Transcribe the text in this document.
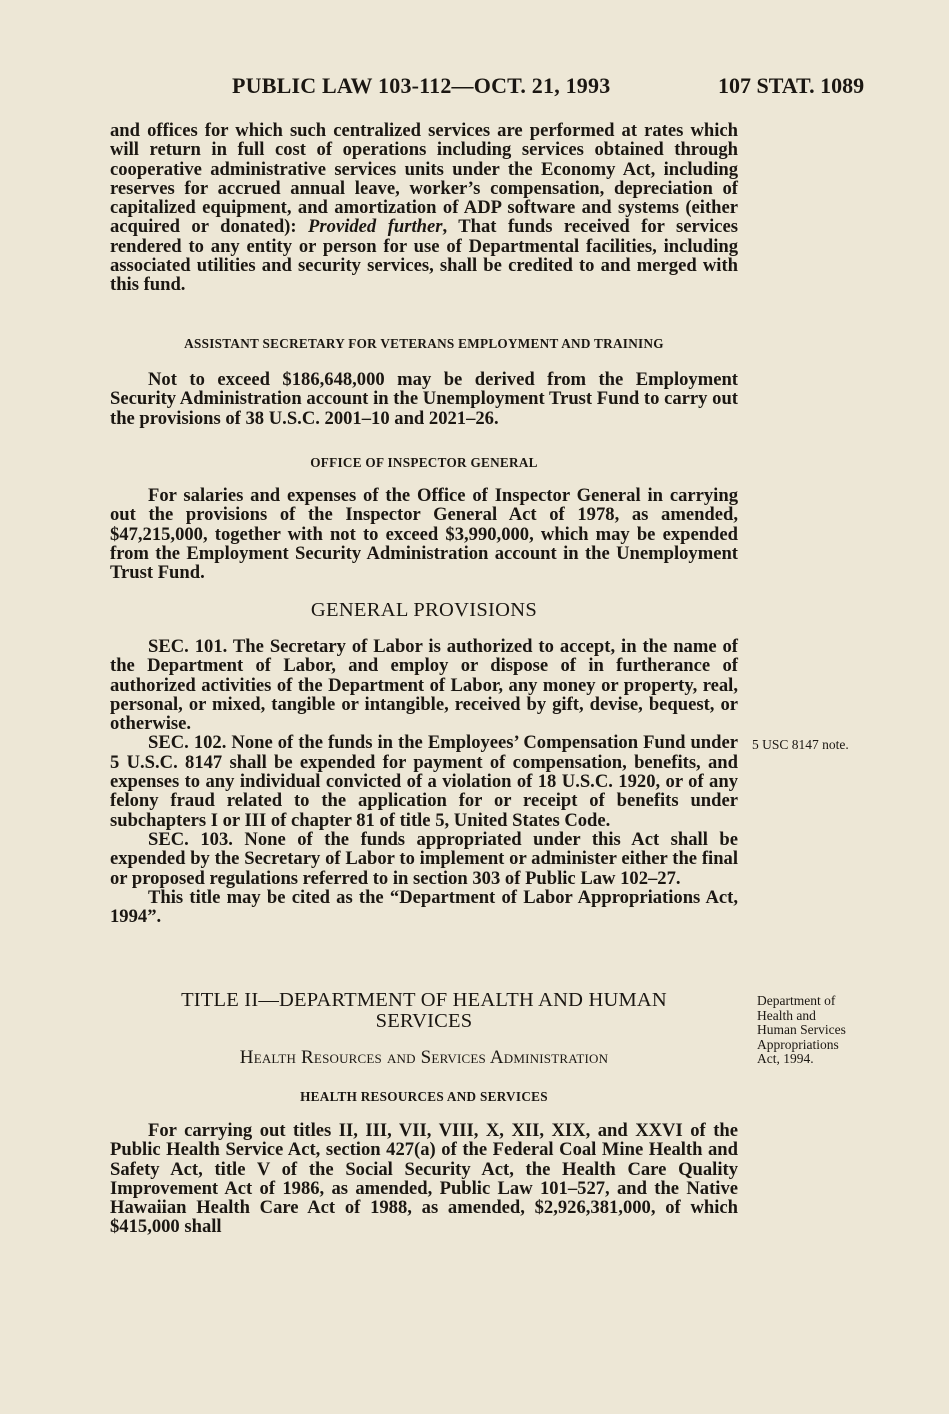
PUBLIC LAW 103-112—OCT. 21, 1993	107 STAT. 1089

and offices for which such centralized services are performed at rates which will return in full cost of operations including services obtained through cooperative administrative services units under the Economy Act, including reserves for accrued annual leave, worker’s compensation, depreciation of capitalized equipment, and amortization of ADP software and systems (either acquired or donated): Provided further, That funds received for services rendered to any entity or person for use of Departmental facilities, including associated utilities and security services, shall be credited to and merged with this fund.

ASSISTANT SECRETARY FOR VETERANS EMPLOYMENT AND TRAINING

Not to exceed $186,648,000 may be derived from the Employment Security Administration account in the Unemployment Trust Fund to carry out the provisions of 38 U.S.C. 2001–10 and 2021–26.

OFFICE OF INSPECTOR GENERAL

For salaries and expenses of the Office of Inspector General in carrying out the provisions of the Inspector General Act of 1978, as amended, $47,215,000, together with not to exceed $3,990,000, which may be expended from the Employment Security Administration account in the Unemployment Trust Fund.

GENERAL PROVISIONS

SEC. 101. The Secretary of Labor is authorized to accept, in the name of the Department of Labor, and employ or dispose of in furtherance of authorized activities of the Department of Labor, any money or property, real, personal, or mixed, tangible or intangible, received by gift, devise, bequest, or otherwise.

SEC. 102. None of the funds in the Employees’ Compensation Fund under 5 U.S.C. 8147 shall be expended for payment of compensation, benefits, and expenses to any individual convicted of a violation of 18 U.S.C. 1920, or of any felony fraud related to the application for or receipt of benefits under subchapters I or III of chapter 81 of title 5, United States Code.

SEC. 103. None of the funds appropriated under this Act shall be expended by the Secretary of Labor to implement or administer either the final or proposed regulations referred to in section 303 of Public Law 102–27.

This title may be cited as the “Department of Labor Appropriations Act, 1994”.

TITLE II—DEPARTMENT OF HEALTH AND HUMAN

SERVICES

Health Resources and Services Administration

HEALTH RESOURCES AND SERVICES

For carrying out titles II, III, VII, VIII, X, XII, XIX, and XXVI of the Public Health Service Act, section 427(a) of the Federal Coal Mine Health and Safety Act, title V of the Social Security Act, the Health Care Quality Improvement Act of 1986, as amended, Public Law 101–527, and the Native Hawaiian Health Care Act of 1988, as amended, $2,926,381,000, of which $415,000 shall

5 USC 8147 note.
Department of
Health and
Human Services
Appropriations
Act, 1994.
